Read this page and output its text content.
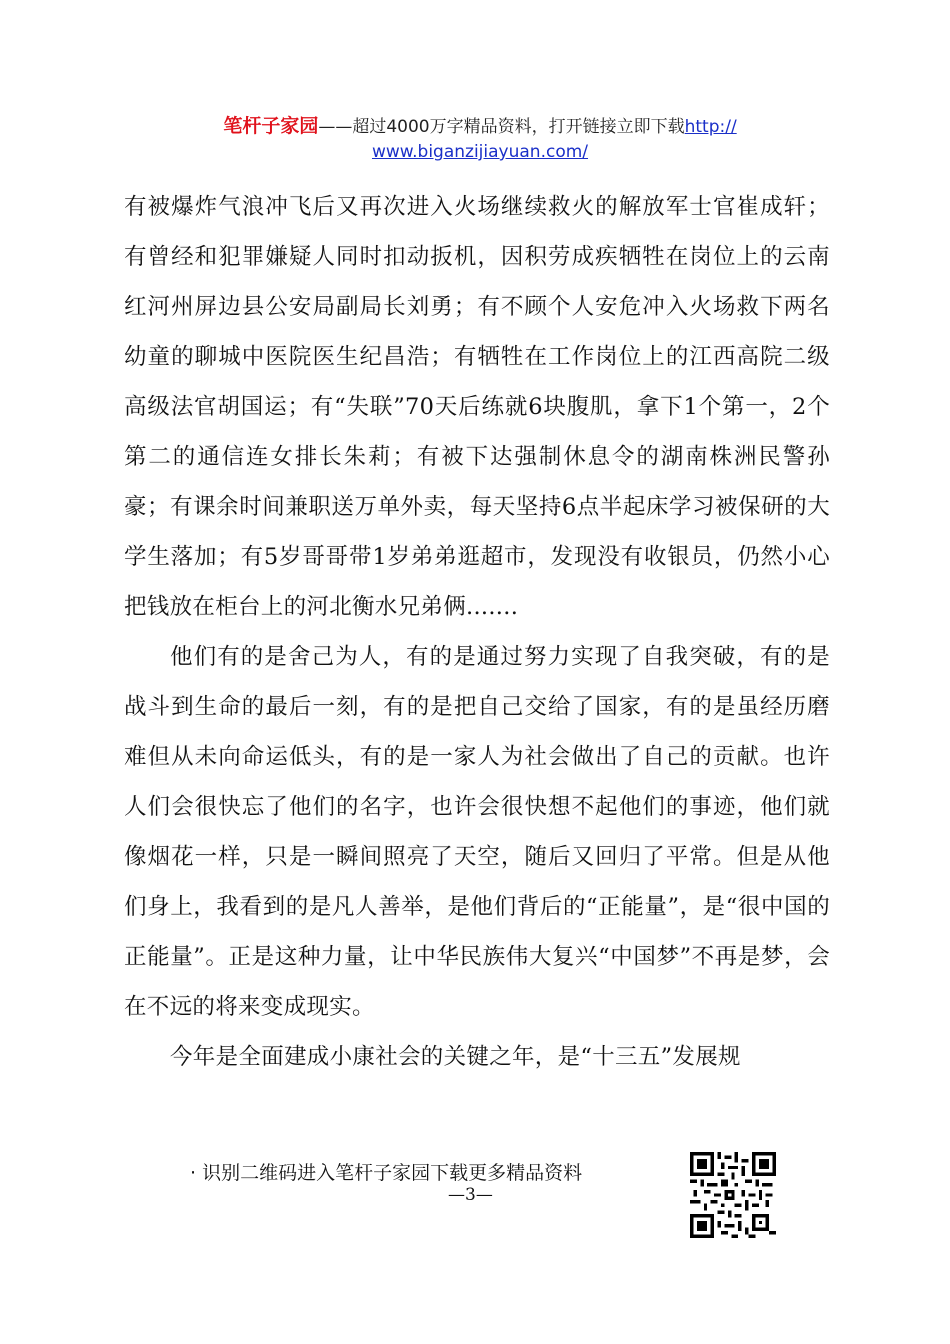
笔杆子家园——超过4000万字精品资料，打开链接立即下载http://
www.biganzijiayuan.com/

有被爆炸气浪冲飞后又再次进入火场继续救火的解放军士官崔成轩；有曾经和犯罪嫌疑人同时扣动扳机，因积劳成疾牺牲在岗位上的云南红河州屏边县公安局副局长刘勇；有不顾个人安危冲入火场救下两名幼童的聊城中医院医生纪昌浩；有牺牲在工作岗位上的江西高院二级高级法官胡国运；有“失联”70天后练就6块腹肌，拿下1个第一，2个第二的通信连女排长朱莉；有被下达强制休息令的湖南株洲民警孙豪；有课余时间兼职送万单外卖，每天坚持6点半起床学习被保研的大学生落加；有5岁哥哥带1岁弟弟逛超市，发现没有收银员，仍然小心把钱放在柜台上的河北衡水兄弟俩.......

他们有的是舍己为人，有的是通过努力实现了自我突破，有的是战斗到生命的最后一刻，有的是把自己交给了国家，有的是虽经历磨难但从未向命运低头，有的是一家人为社会做出了自己的贡献。也许人们会很快忘了他们的名字，也许会很快想不起他们的事迹，他们就像烟花一样，只是一瞬间照亮了天空，随后又回归了平常。但是从他们身上，我看到的是凡人善举，是他们背后的“正能量”，是“很中国的正能量”。正是这种力量，让中华民族伟大复兴“中国梦”不再是梦，会在不远的将来变成现实。

今年是全面建成小康社会的关键之年，是“十三五”发展规

· 识别二维码进入笔杆子家园下载更多精品资料
—3—
